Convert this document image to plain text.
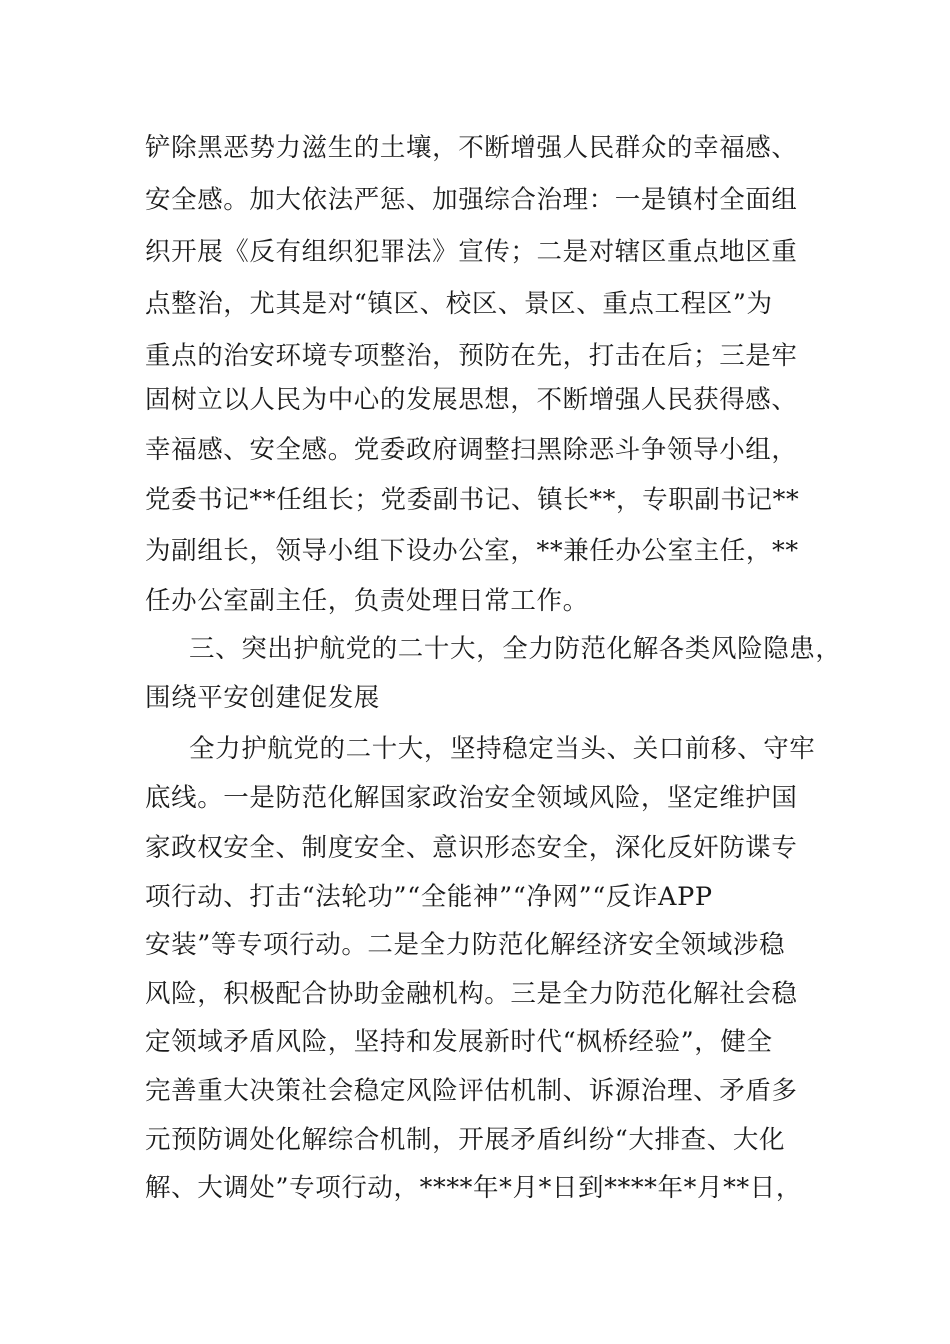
铲除黑恶势力滋生的土壤，不断增强人民群众的幸福感、
安全感。加大依法严惩、加强综合治理：一是镇村全面组
织开展《反有组织犯罪法》宣传；二是对辖区重点地区重
点整治，尤其是对“镇区、校区、景区、重点工程区”为
重点的治安环境专项整治，预防在先，打击在后；三是牢
固树立以人民为中心的发展思想，不断增强人民获得感、
幸福感、安全感。党委政府调整扫黑除恶斗争领导小组，
党委书记**任组长；党委副书记、镇长**，专职副书记**
为副组长，领导小组下设办公室，**兼任办公室主任，**
任办公室副主任，负责处理日常工作。
三、突出护航党的二十大，全力防范化解各类风险隐患，
围绕平安创建促发展
全力护航党的二十大，坚持稳定当头、关口前移、守牢
底线。一是防范化解国家政治安全领域风险，坚定维护国
家政权安全、制度安全、意识形态安全，深化反奸防谍专
项行动、打击“法轮功”“全能神”“净网”“反诈APP
安装”等专项行动。二是全力防范化解经济安全领域涉稳
风险，积极配合协助金融机构。三是全力防范化解社会稳
定领域矛盾风险，坚持和发展新时代“枫桥经验”，健全
完善重大决策社会稳定风险评估机制、诉源治理、矛盾多
元预防调处化解综合机制，开展矛盾纠纷“大排查、大化
解、大调处”专项行动，****年*月*日到****年*月**日，
